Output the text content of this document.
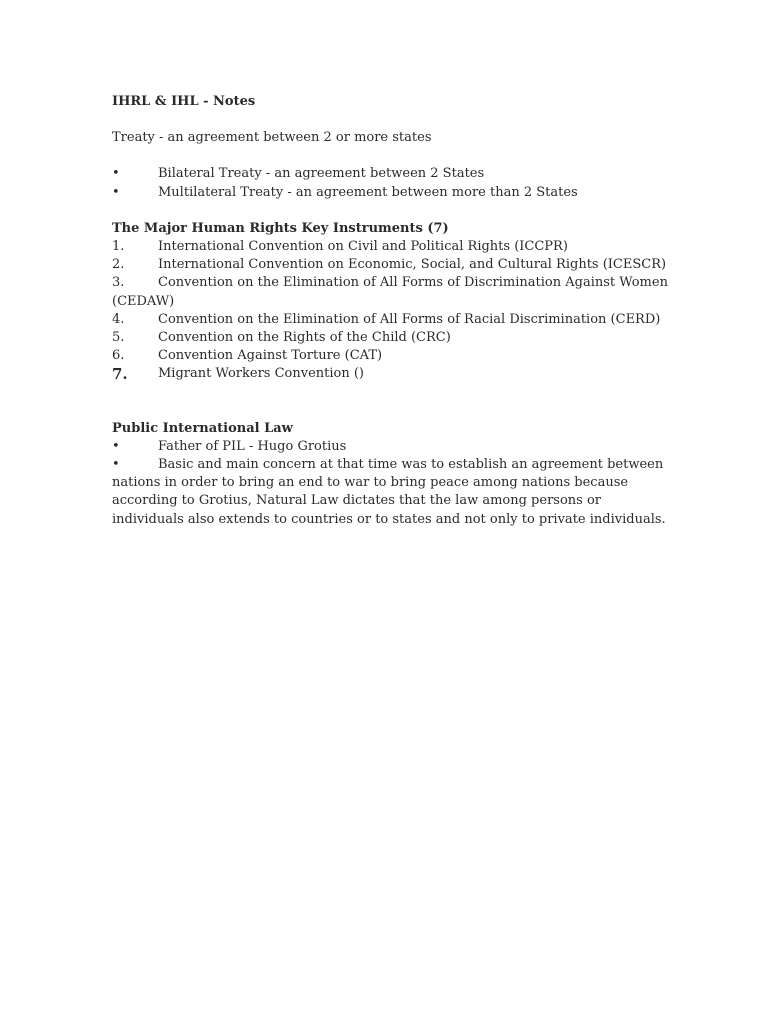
IHRL & IHL - Notes

Treaty - an agreement between 2 or more states

•	Bilateral Treaty - an agreement between 2 States
•	Multilateral Treaty - an agreement between more than 2 States

The Major Human Rights Key Instruments (7)

1.	International Convention on Civil and Political Rights (ICCPR)
2.	International Convention on Economic, Social, and Cultural Rights (ICESCR)

3.	Convention on the Elimination of All Forms of Discrimination Against Women (CEDAW)

4.	Convention on the Elimination of All Forms of Racial Discrimination (CERD)
5.	Convention on the Rights of the Child (CRC)
6.	Convention Against Torture (CAT)
7.	Migrant Workers Convention ()

Public International Law

•	Father of PIL - Hugo Grotius

•	Basic and main concern at that time was to establish an agreement between nations in order to bring an end to war to bring peace among nations because according to Grotius, Natural Law dictates that the law among persons or individuals also extends to countries or to states and not only to private individuals.
